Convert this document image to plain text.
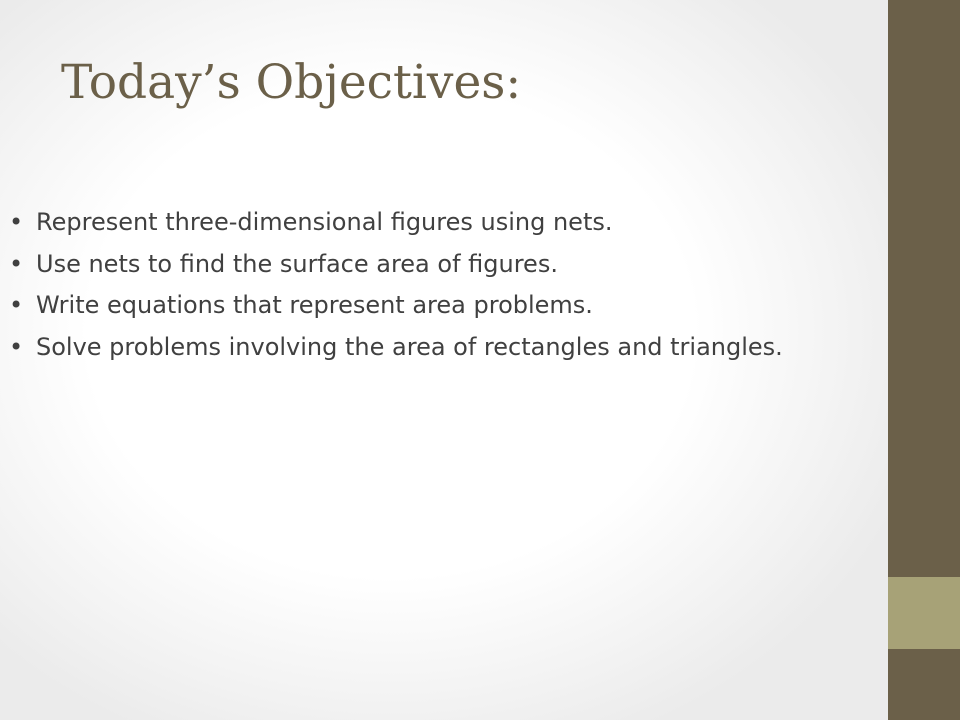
Today’s Objectives:
• Represent three-dimensional figures using nets.
• Use nets to find the surface area of figures.
• Write equations that represent area problems.
• Solve problems involving the area of rectangles and triangles.
